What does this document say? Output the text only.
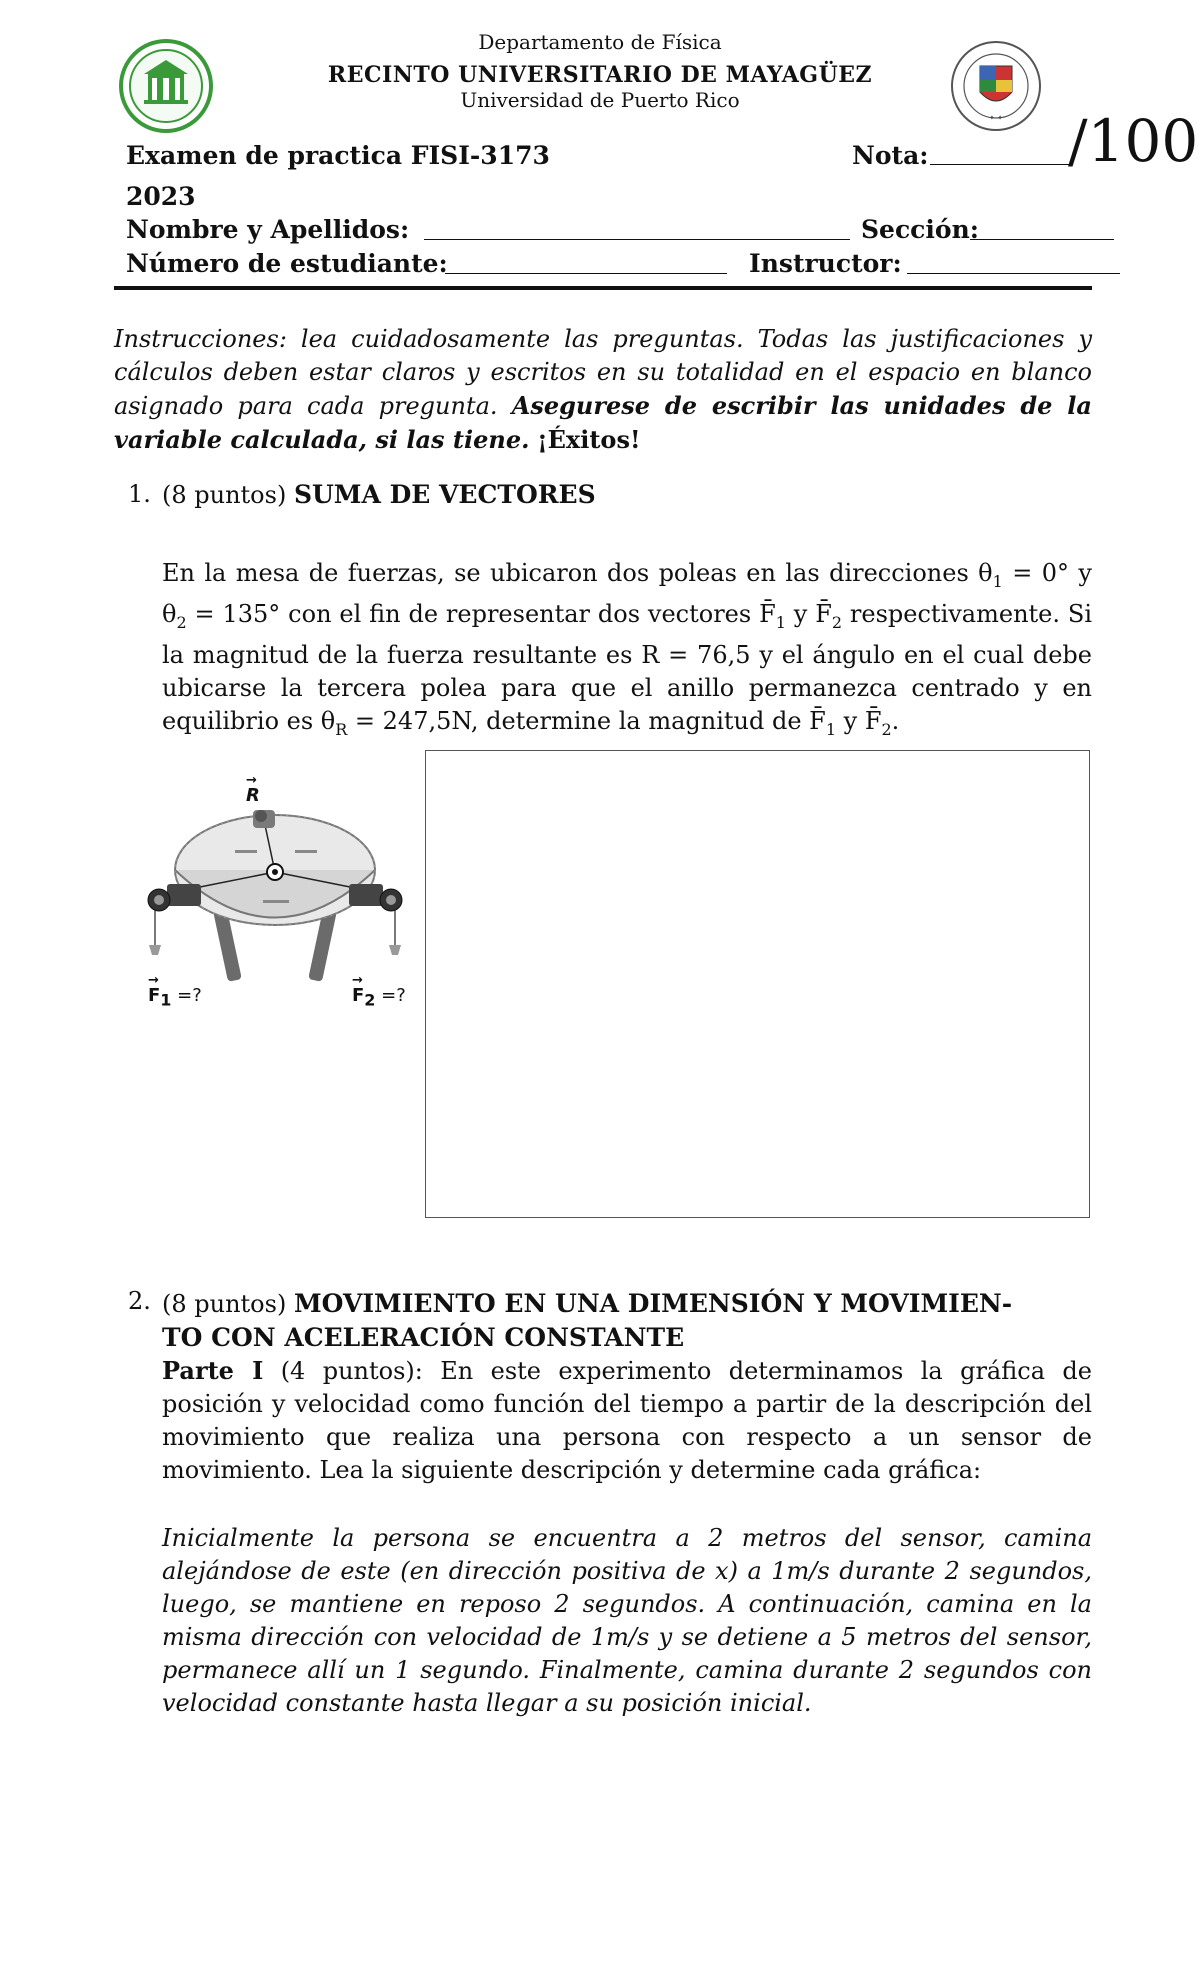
Departamento de Física
RECINTO UNIVERSITARIO DE MAYAGÜEZ
Universidad de Puerto Rico
✦ ✦
Examen de practica FISI-3173	Nota: /100
2023
Nombre y Apellidos:	Sección:
Número de estudiante:	Instructor:
Instrucciones: lea cuidadosamente las preguntas. Todas las justificaciones y cálculos deben estar claros y escritos en su totalidad en el espacio en blanco asignado para cada pregunta. Asegurese de escribir las unidades de la variable calculada, si las tiene. ¡Éxitos!
1. (8 puntos) SUMA DE VECTORES
En la mesa de fuerzas, se ubicaron dos poleas en las direcciones $\theta_1 = 0^\circ$ y $\theta_2 = 135^\circ$ con el fin de representar dos vectores $F̄_1$ y $F̄_2$ respectivamente. Si la magnitud de la fuerza resultante es R = 76,5 y el ángulo en el cual debe ubicarse la tercera polea para que el anillo permanezca centrado y en equilibrio es $\theta_R = 247,5N$, determine la magnitud de $F̄_1$ y $F̄_2$.
→
R
→
$F_1$ =?
→
$F_2$ =?
2. (8 puntos) MOVIMIENTO EN UNA DIMENSIÓN Y MOVIMIEN-
TO CON ACELERACIÓN CONSTANTE
Parte I (4 puntos): En este experimento determinamos la gráfica de posición y velocidad como función del tiempo a partir de la descripción del movimiento que realiza una persona con respecto a un sensor de movimiento. Lea la siguiente descripción y determine cada gráfica:
Inicialmente la persona se encuentra a 2 metros del sensor, camina alejándose de este (en dirección positiva de x) a 1m/s durante 2 segundos, luego, se mantiene en reposo 2 segundos. A continuación, camina en la misma dirección con velocidad de 1m/s y se detiene a 5 metros del sensor, permanece allí un 1 segundo. Finalmente, camina durante 2 segundos con velocidad constante hasta llegar a su posición inicial.
